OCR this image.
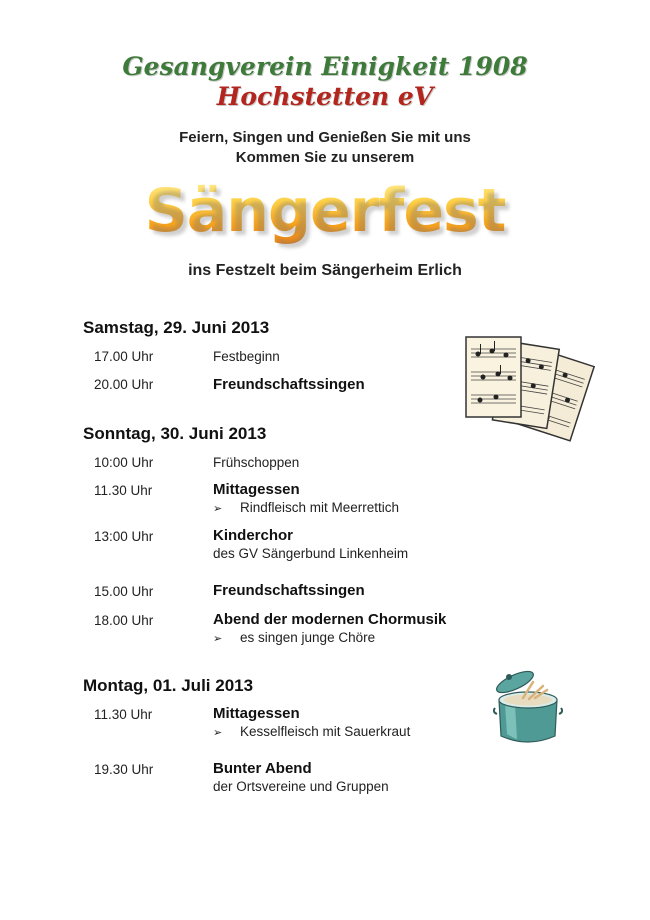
Gesangverein Einigkeit 1908
Hochstetten eV
Feiern, Singen und Genießen Sie mit uns
Kommen Sie zu unserem
Sängerfest
ins Festzelt beim Sängerheim Erlich
Samstag, 29. Juni 2013
17.00 Uhr	Festbeginn
20.00 Uhr	Freundschaftssingen
Sonntag, 30. Juni 2013
10:00 Uhr	Frühschoppen
11.30 Uhr	Mittagessen
➢ Rindfleisch mit Meerrettich
13:00 Uhr	Kinderchor
des GV Sängerbund Linkenheim
15.00 Uhr	Freundschaftssingen
18.00 Uhr	Abend der modernen Chormusik
➢ es singen junge Chöre
Montag, 01. Juli 2013
11.30 Uhr	Mittagessen
➢ Kesselfleisch mit Sauerkraut
19.30 Uhr	Bunter Abend
der Ortsvereine und Gruppen
